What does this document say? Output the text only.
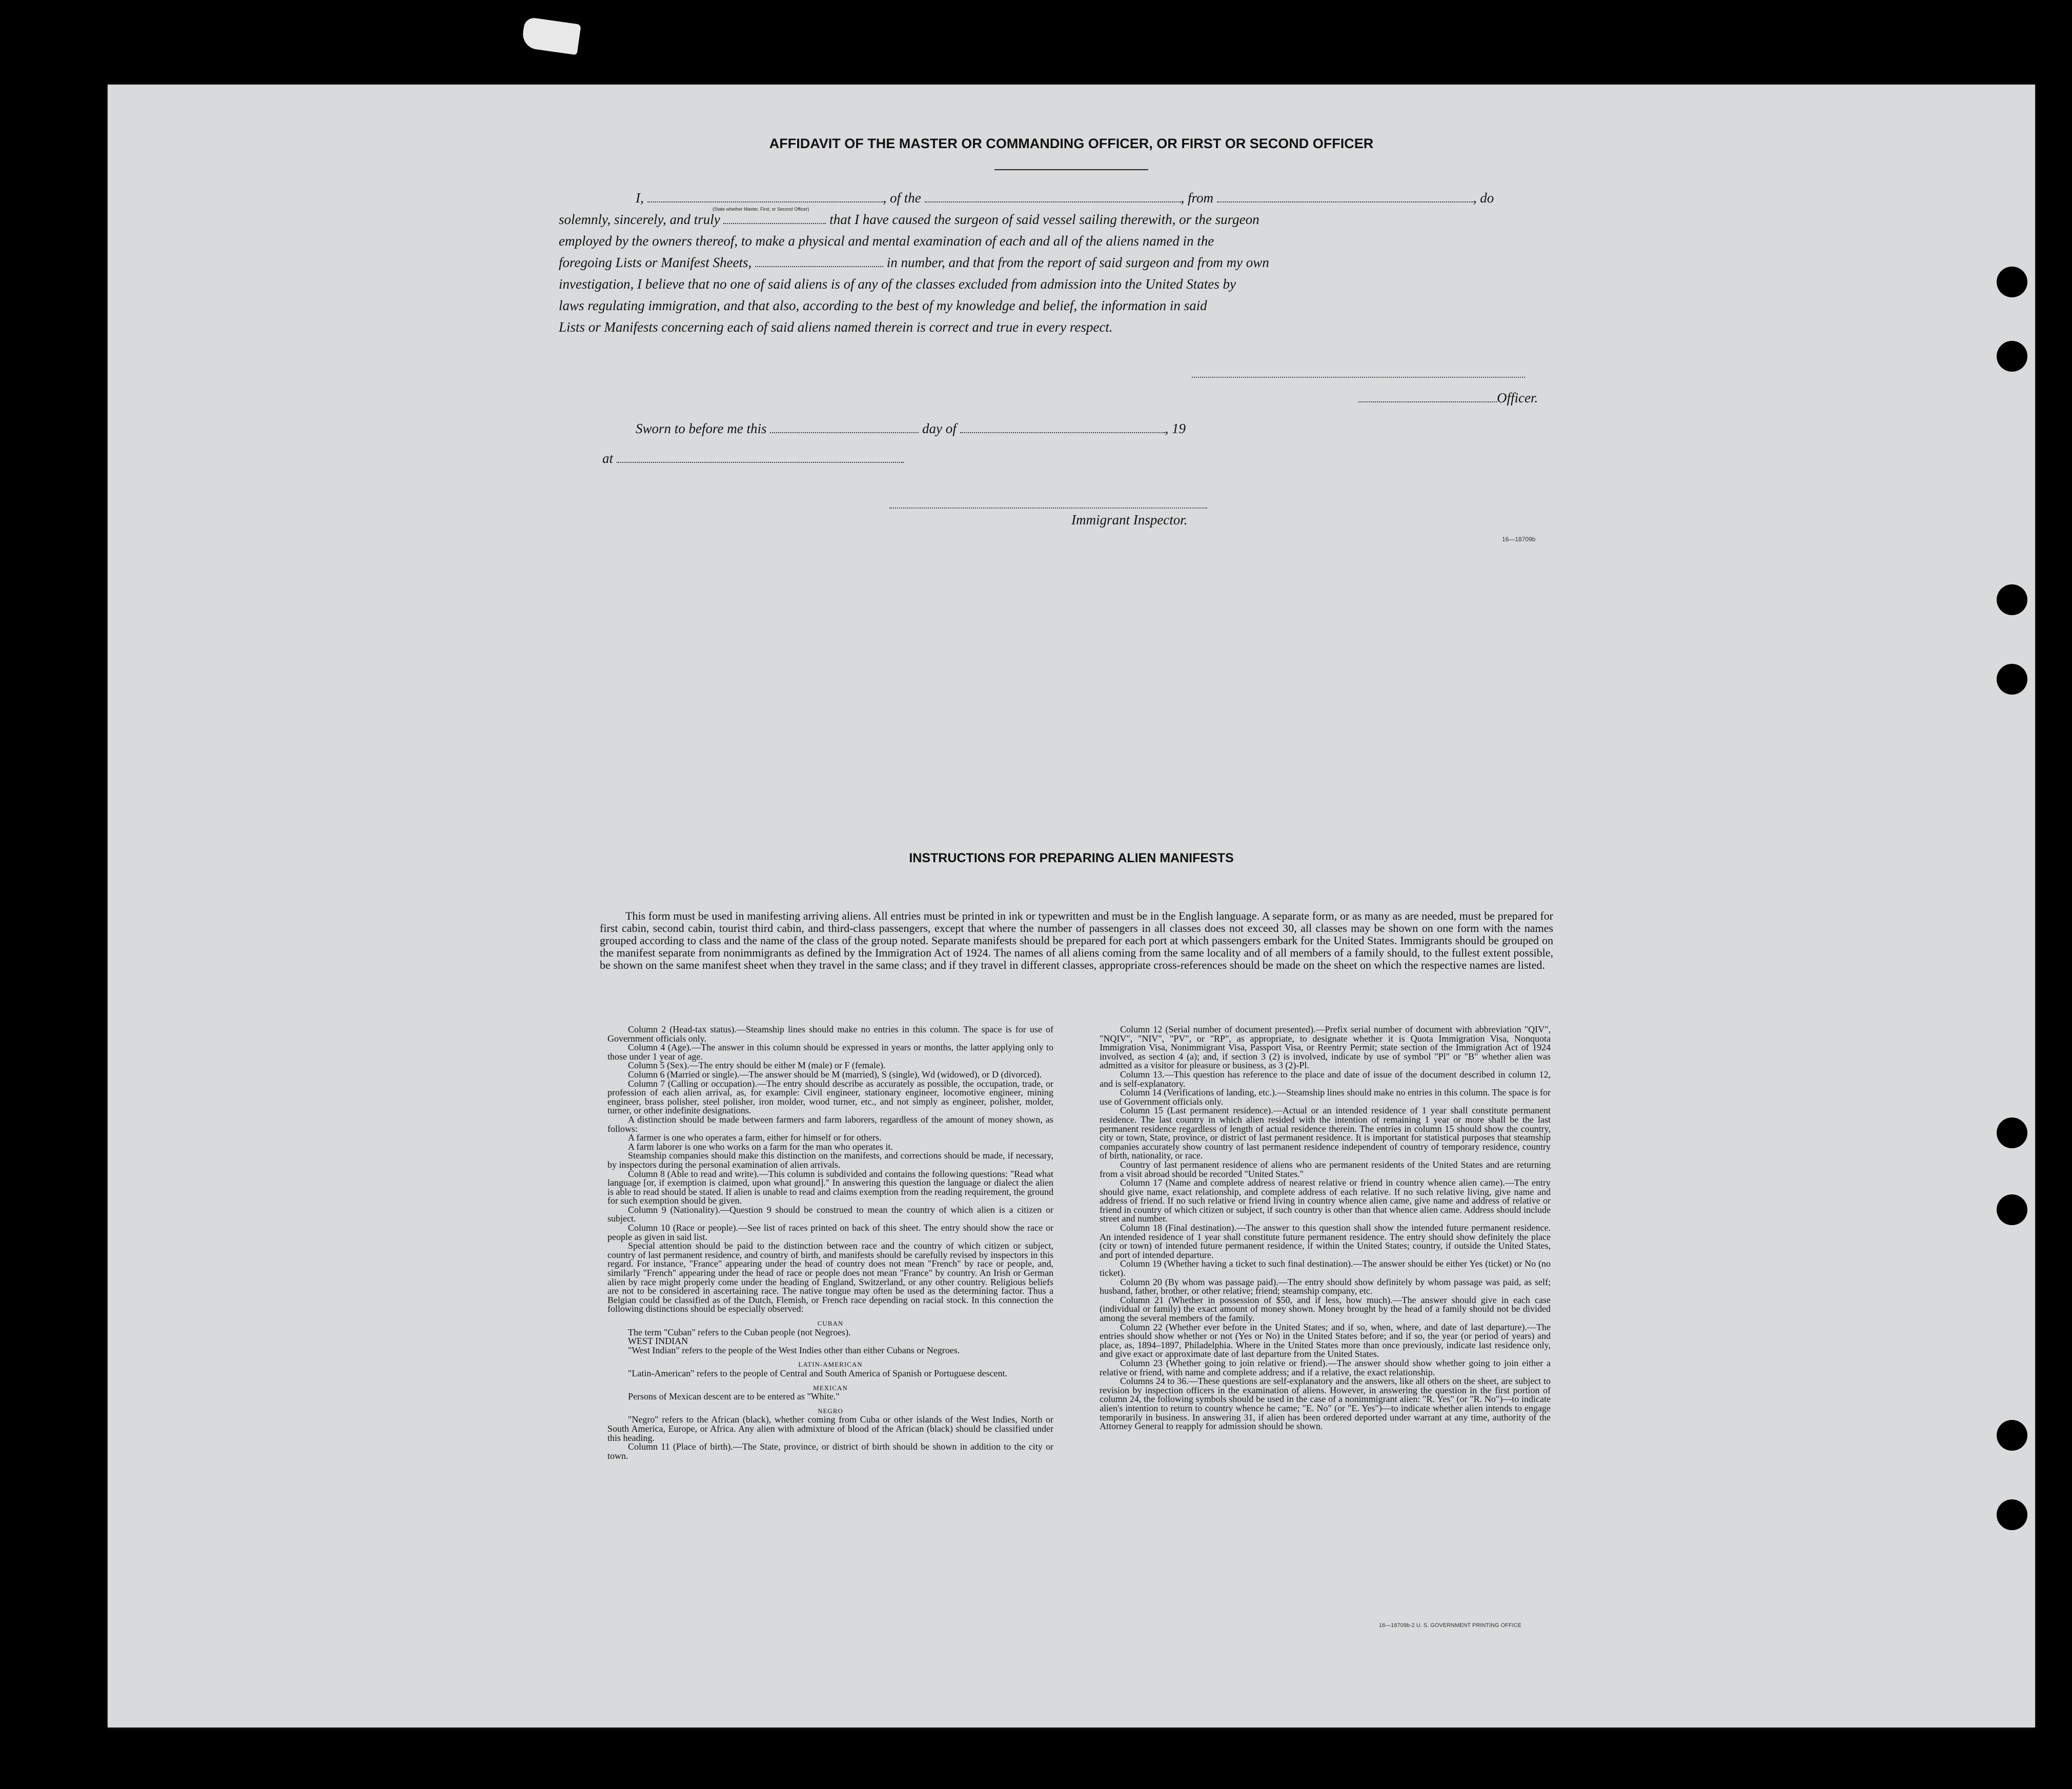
AFFIDAVIT OF THE MASTER OR COMMANDING OFFICER, OR FIRST OR SECOND OFFICER
I,	, of the	, from	, do
(State whether Master, First, or Second Officer)
solemnly, sincerely, and truly	that I have caused the surgeon of said vessel sailing therewith, or the surgeon
employed by the owners thereof, to make a physical and mental examination of each and all of the aliens named in the
foregoing Lists or Manifest Sheets,	in number, and that from the report of said surgeon and from my own
investigation, I believe that no one of said aliens is of any of the classes excluded from admission into the United States by
laws regulating immigration, and that also, according to the best of my knowledge and belief, the information in said
Lists or Manifests concerning each of said aliens named therein is correct and true in every respect.
Officer.
Sworn to before me this	day of	, 19
at
Immigrant Inspector.
16—18709b
INSTRUCTIONS FOR PREPARING ALIEN MANIFESTS
This form must be used in manifesting arriving aliens. All entries must be printed in ink or typewritten and must be in the English language. A separate form, or as many as are needed, must be prepared for first cabin, second cabin, tourist third cabin, and third-class passengers, except that where the number of passengers in all classes does not exceed 30, all classes may be shown on one form with the names grouped according to class and the name of the class of the group noted. Separate manifests should be prepared for each port at which passengers embark for the United States. Immigrants should be grouped on the manifest separate from nonimmigrants as defined by the Immigration Act of 1924. The names of all aliens coming from the same locality and of all members of a family should, to the fullest extent possible, be shown on the same manifest sheet when they travel in the same class; and if they travel in different classes, appropriate cross-references should be made on the sheet on which the respective names are listed.

Column 2 (Head-tax status).—Steamship lines should make no entries in this column. The space is for use of Government officials only.

Column 4 (Age).—The answer in this column should be expressed in years or months, the latter applying only to those under 1 year of age.

Column 5 (Sex).—The entry should be either M (male) or F (female).

Column 6 (Married or single).—The answer should be M (married), S (single), Wd (widowed), or D (divorced).

Column 7 (Calling or occupation).—The entry should describe as accurately as possible, the occupation, trade, or profession of each alien arrival, as, for example: Civil engineer, stationary engineer, locomotive engineer, mining engineer, brass polisher, steel polisher, iron molder, wood turner, etc., and not simply as engineer, polisher, molder, turner, or other indefinite designations.

A distinction should be made between farmers and farm laborers, regardless of the amount of money shown, as follows:

A farmer is one who operates a farm, either for himself or for others.

A farm laborer is one who works on a farm for the man who operates it.

Steamship companies should make this distinction on the manifests, and corrections should be made, if necessary, by inspectors during the personal examination of alien arrivals.

Column 8 (Able to read and write).—This column is subdivided and contains the following questions: "Read what language [or, if exemption is claimed, upon what ground]." In answering this question the language or dialect the alien is able to read should be stated. If alien is unable to read and claims exemption from the reading requirement, the ground for such exemption should be given.

Column 9 (Nationality).—Question 9 should be construed to mean the country of which alien is a citizen or subject.

Column 10 (Race or people).—See list of races printed on back of this sheet. The entry should show the race or people as given in said list.

Special attention should be paid to the distinction between race and the country of which citizen or subject, country of last permanent residence, and country of birth, and manifests should be carefully revised by inspectors in this regard. For instance, "France" appearing under the head of country does not mean "French" by race or people, and, similarly "French" appearing under the head of race or people does not mean "France" by country. An Irish or German alien by race might properly come under the heading of England, Switzerland, or any other country. Religious beliefs are not to be considered in ascertaining race. The native tongue may often be used as the determining factor. Thus a Belgian could be classified as of the Dutch, Flemish, or French race depending on racial stock. In this connection the following distinctions should be especially observed:

CUBAN

The term "Cuban" refers to the Cuban people (not Negroes).

WEST INDIAN

"West Indian" refers to the people of the West Indies other than either Cubans or Negroes.

LATIN-AMERICAN

"Latin-American" refers to the people of Central and South America of Spanish or Portuguese descent.

MEXICAN

Persons of Mexican descent are to be entered as "White."

NEGRO

"Negro" refers to the African (black), whether coming from Cuba or other islands of the West Indies, North or South America, Europe, or Africa. Any alien with admixture of blood of the African (black) should be classified under this heading.

Column 11 (Place of birth).—The State, province, or district of birth should be shown in addition to the city or town.

Column 12 (Serial number of document presented).—Prefix serial number of document with abbreviation "QIV", "NQIV", "NIV", "PV", or "RP", as appropriate, to designate whether it is Quota Immigration Visa, Nonquota Immigration Visa, Nonimmigrant Visa, Passport Visa, or Reentry Permit; state section of the Immigration Act of 1924 involved, as section 4 (a); and, if section 3 (2) is involved, indicate by use of symbol "Pl" or "B" whether alien was admitted as a visitor for pleasure or business, as 3 (2)-Pl.

Column 13.—This question has reference to the place and date of issue of the document described in column 12, and is self-explanatory.

Column 14 (Verifications of landing, etc.).—Steamship lines should make no entries in this column. The space is for use of Government officials only.

Column 15 (Last permanent residence).—Actual or an intended residence of 1 year shall constitute permanent residence. The last country in which alien resided with the intention of remaining 1 year or more shall be the last permanent residence regardless of length of actual residence therein. The entries in column 15 should show the country, city or town, State, province, or district of last permanent residence. It is important for statistical purposes that steamship companies accurately show country of last permanent residence independent of country of temporary residence, country of birth, nationality, or race.

Country of last permanent residence of aliens who are permanent residents of the United States and are returning from a visit abroad should be recorded "United States."

Column 17 (Name and complete address of nearest relative or friend in country whence alien came).—The entry should give name, exact relationship, and complete address of each relative. If no such relative living, give name and address of friend. If no such relative or friend living in country whence alien came, give name and address of relative or friend in country of which citizen or subject, if such country is other than that whence alien came. Address should include street and number.

Column 18 (Final destination).—The answer to this question shall show the intended future permanent residence. An intended residence of 1 year shall constitute future permanent residence. The entry should show definitely the place (city or town) of intended future permanent residence, if within the United States; country, if outside the United States, and port of intended departure.

Column 19 (Whether having a ticket to such final destination).—The answer should be either Yes (ticket) or No (no ticket).

Column 20 (By whom was passage paid).—The entry should show definitely by whom passage was paid, as self; husband, father, brother, or other relative; friend; steamship company, etc.

Column 21 (Whether in possession of $50, and if less, how much).—The answer should give in each case (individual or family) the exact amount of money shown. Money brought by the head of a family should not be divided among the several members of the family.

Column 22 (Whether ever before in the United States; and if so, when, where, and date of last departure).—The entries should show whether or not (Yes or No) in the United States before; and if so, the year (or period of years) and place, as, 1894–1897, Philadelphia. Where in the United States more than once previously, indicate last residence only, and give exact or approximate date of last departure from the United States.

Column 23 (Whether going to join relative or friend).—The answer should show whether going to join either a relative or friend, with name and complete address; and if a relative, the exact relationship.

Columns 24 to 36.—These questions are self-explanatory and the answers, like all others on the sheet, are subject to revision by inspection officers in the examination of aliens. However, in answering the question in the first portion of column 24, the following symbols should be used in the case of a nonimmigrant alien: "R. Yes" (or "R. No")—to indicate alien's intention to return to country whence he came; "E. No" (or "E. Yes")—to indicate whether alien intends to engage temporarily in business. In answering 31, if alien has been ordered deported under warrant at any time, authority of the Attorney General to reapply for admission should be shown.

16—18709b-2 U. S. GOVERNMENT PRINTING OFFICE
